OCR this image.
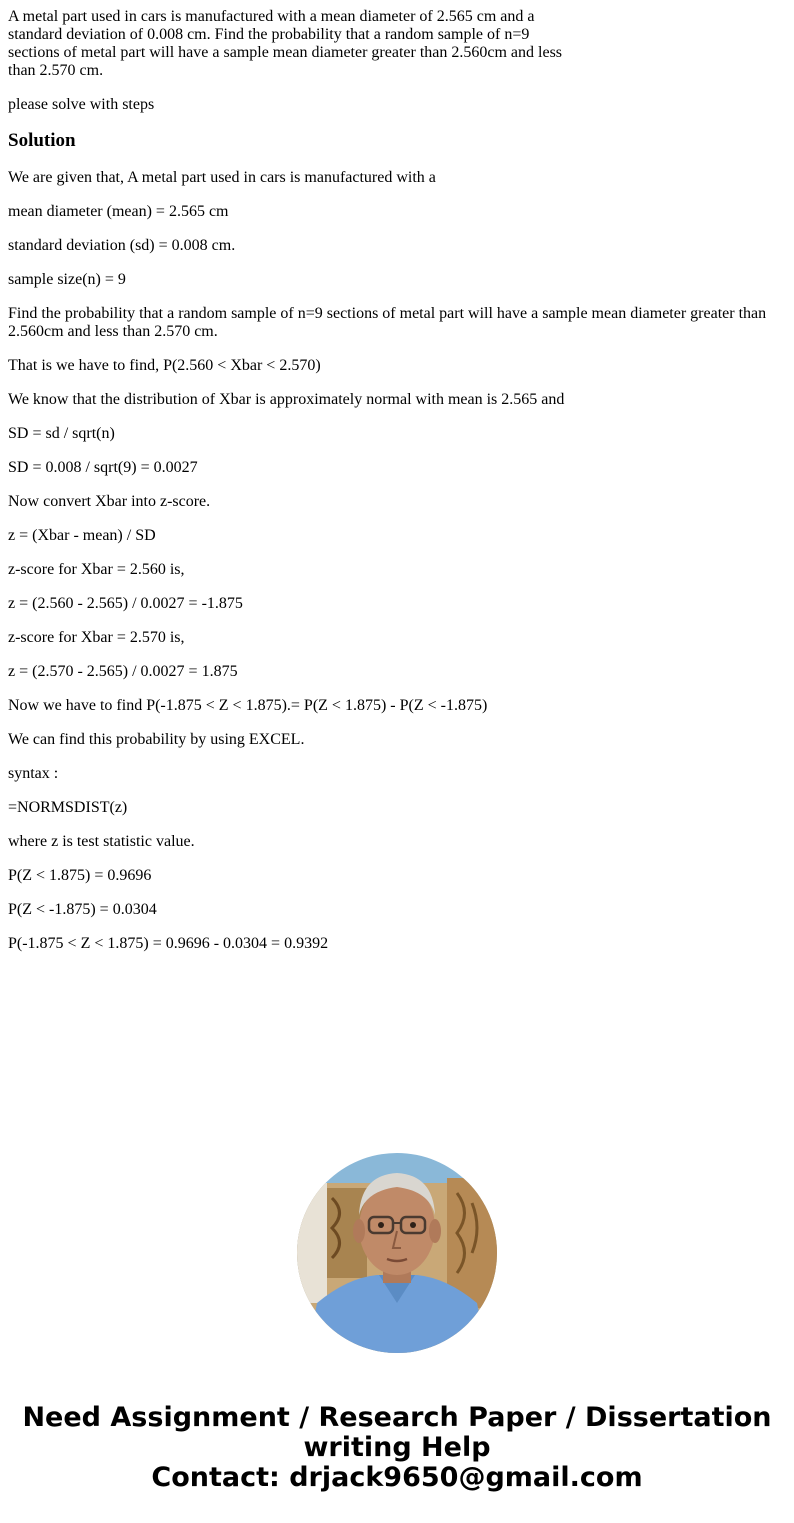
A metal part used in cars is manufactured with a mean diameter of 2.565 cm and a standard deviation of 0.008 cm. Find the probability that a random sample of n=9 sections of metal part will have a sample mean diameter greater than 2.560cm and less than 2.570 cm.
please solve with steps
Solution

We are given that, A metal part used in cars is manufactured with a

mean diameter (mean) = 2.565 cm

standard deviation (sd) = 0.008 cm.

sample size(n) = 9

Find the probability that a random sample of n=9 sections of metal part will have a sample mean diameter greater than 2.560cm and less than 2.570 cm.

That is we have to find, P(2.560 < Xbar < 2.570)

We know that the distribution of Xbar is approximately normal with mean is 2.565 and

SD = sd / sqrt(n)

SD = 0.008 / sqrt(9) = 0.0027

Now convert Xbar into z-score.

z = (Xbar - mean) / SD

z-score for Xbar = 2.560 is,

z = (2.560 - 2.565) / 0.0027 = -1.875

z-score for Xbar = 2.570 is,

z = (2.570 - 2.565) / 0.0027 = 1.875

Now we have to find P(-1.875 < Z < 1.875).= P(Z < 1.875) - P(Z < -1.875)

We can find this probability by using EXCEL.

syntax :

=NORMSDIST(z)

where z is test statistic value.

P(Z < 1.875) = 0.9696

P(Z < -1.875) = 0.0304

P(-1.875 < Z < 1.875) = 0.9696 - 0.0304 = 0.9392

Need Assignment / Research Paper / Dissertation
writing Help
Contact: drjack9650@gmail.com
